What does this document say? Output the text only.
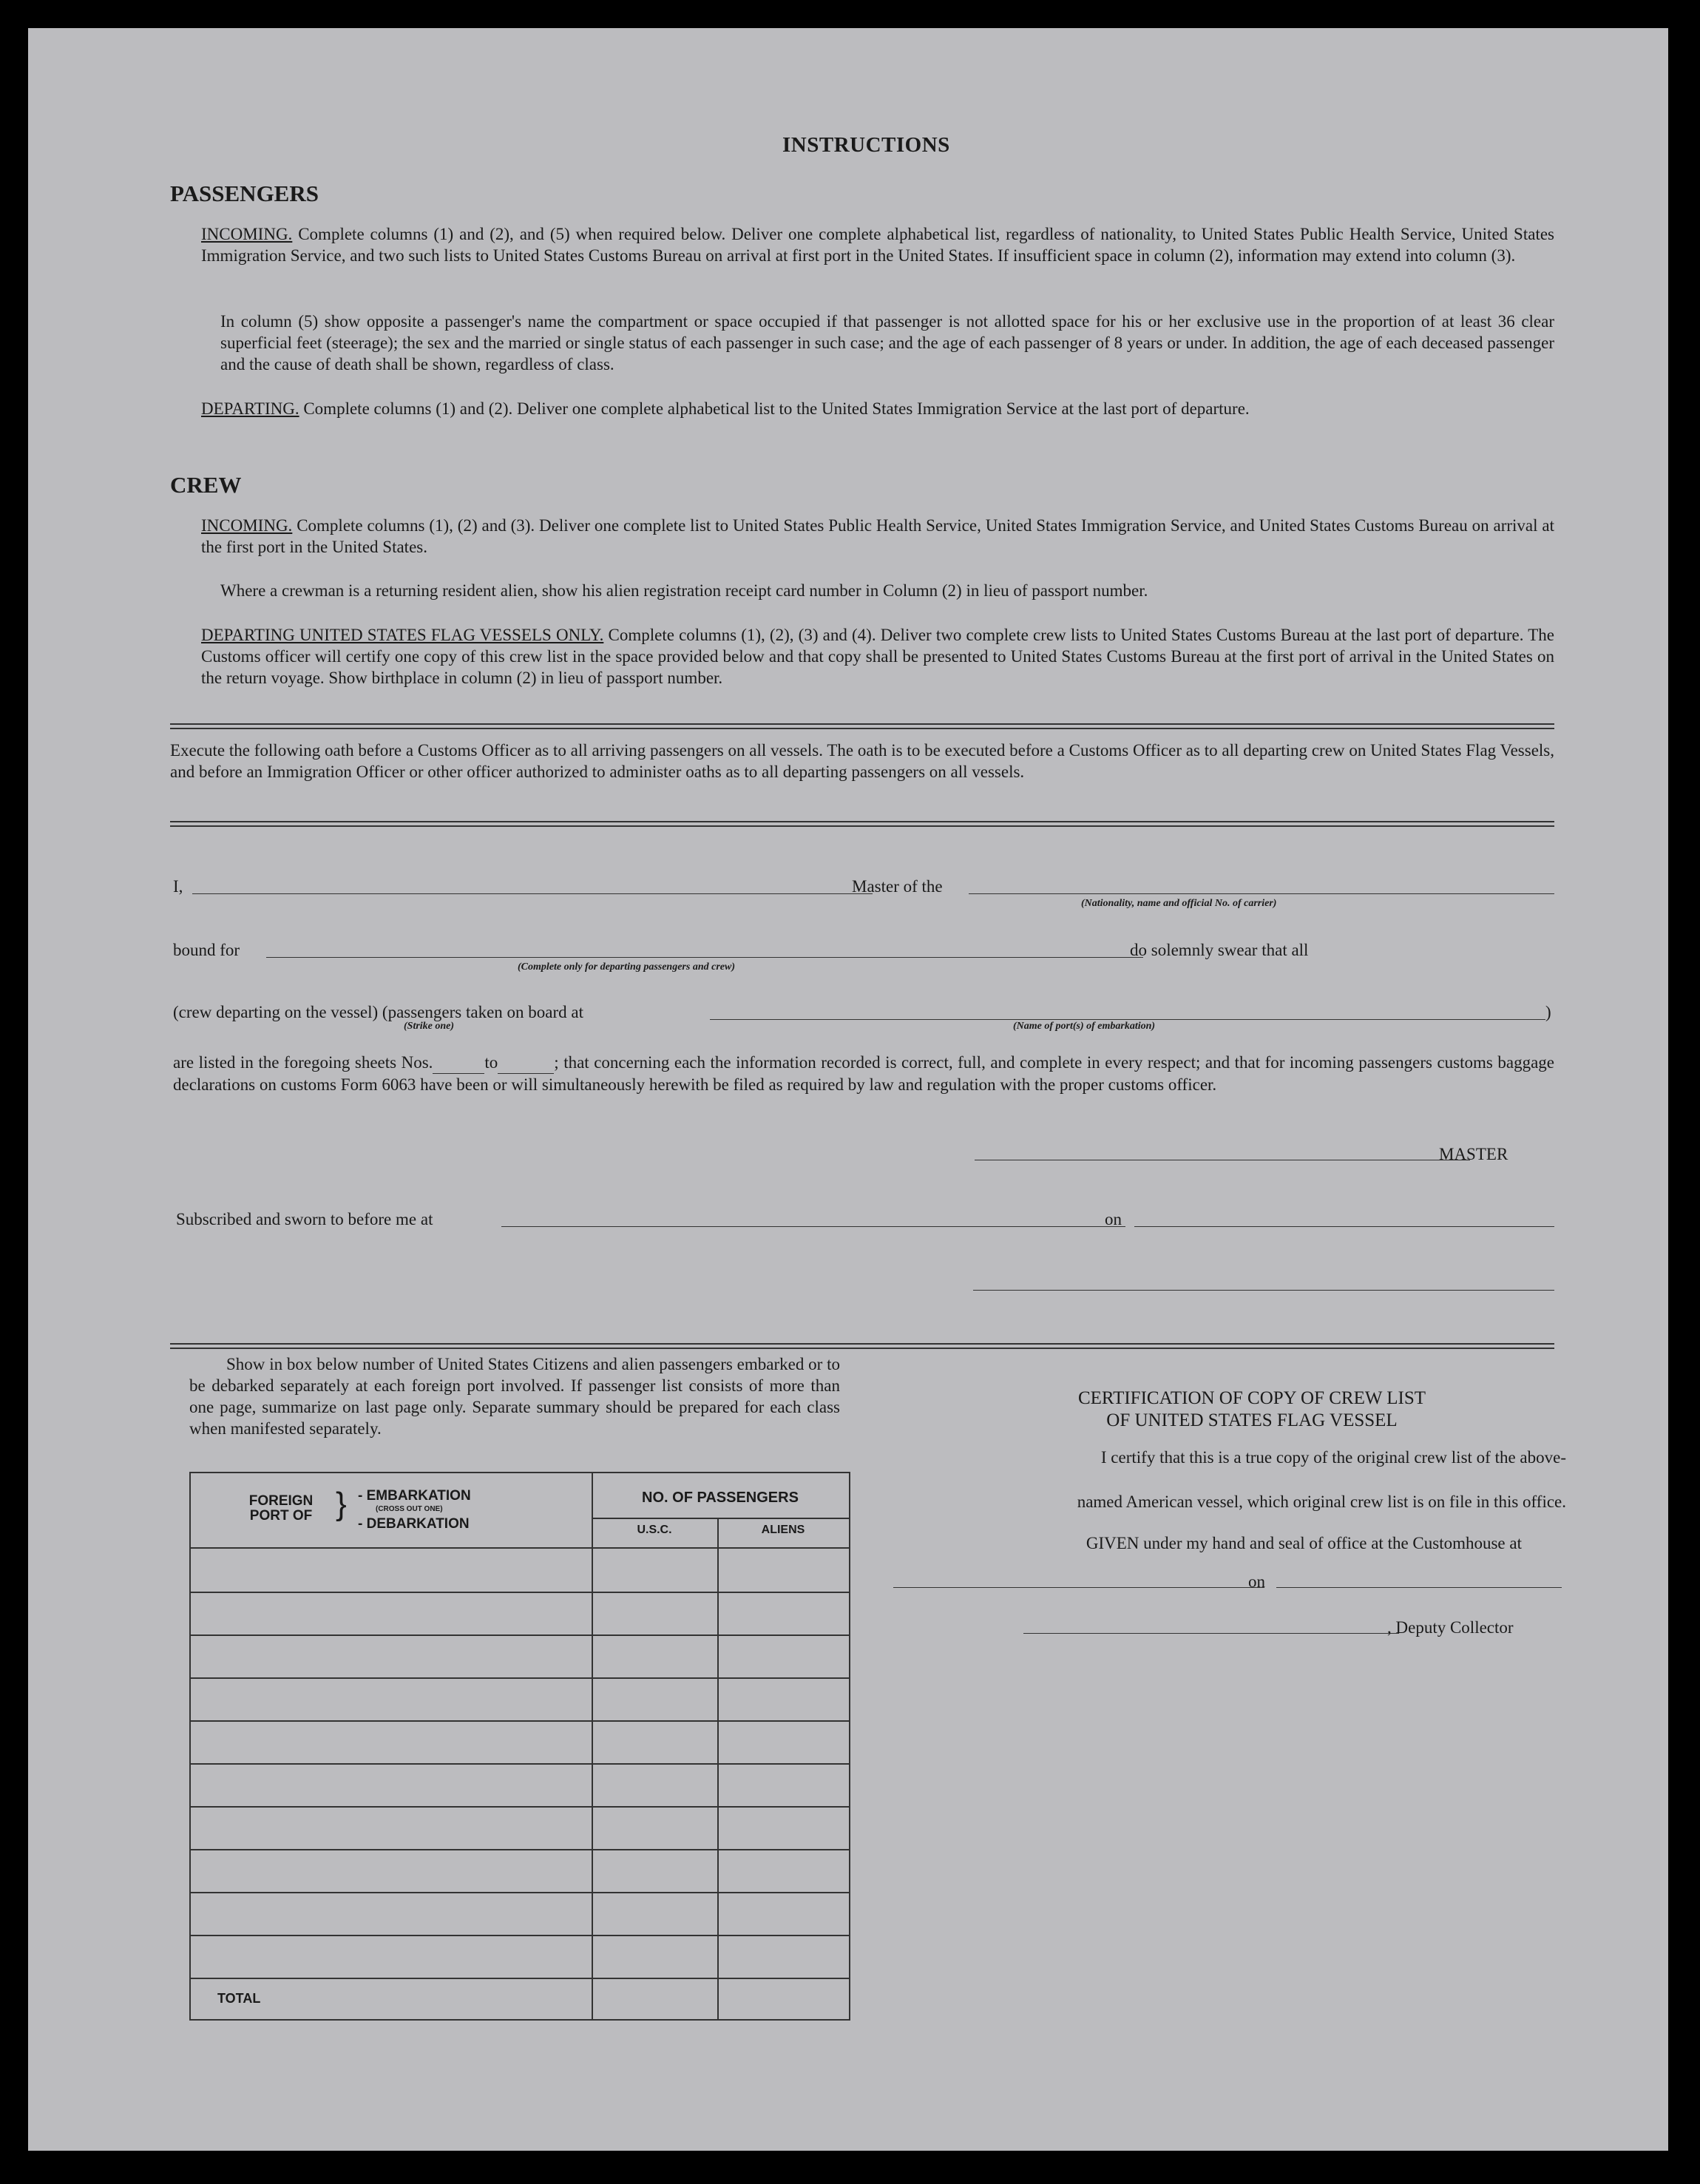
INSTRUCTIONS
PASSENGERS
INCOMING. Complete columns (1) and (2), and (5) when required below. Deliver one complete alphabetical list, regardless of nationality, to United States Public Health Service, United States Immigration Service, and two such lists to United States Customs Bureau on arrival at first port in the United States. If insufficient space in column (2), information may extend into column (3).
In column (5) show opposite a passenger's name the compartment or space occupied if that passenger is not allotted space for his or her exclusive use in the proportion of at least 36 clear superficial feet (steerage); the sex and the married or single status of each passenger in such case; and the age of each passenger of 8 years or under. In addition, the age of each deceased passenger and the cause of death shall be shown, regardless of class.
DEPARTING. Complete columns (1) and (2). Deliver one complete alphabetical list to the United States Immigration Service at the last port of departure.
CREW
INCOMING. Complete columns (1), (2) and (3). Deliver one complete list to United States Public Health Service, United States Immigration Service, and United States Customs Bureau on arrival at the first port in the United States.
Where a crewman is a returning resident alien, show his alien registration receipt card number in Column (2) in lieu of passport number.
DEPARTING UNITED STATES FLAG VESSELS ONLY. Complete columns (1), (2), (3) and (4). Deliver two complete crew lists to United States Customs Bureau at the last port of departure. The Customs officer will certify one copy of this crew list in the space provided below and that copy shall be presented to United States Customs Bureau at the first port of arrival in the United States on the return voyage. Show birthplace in column (2) in lieu of passport number.
Execute the following oath before a Customs Officer as to all arriving passengers on all vessels. The oath is to be executed before a Customs Officer as to all departing crew on United States Flag Vessels, and before an Immigration Officer or other officer authorized to administer oaths as to all departing passengers on all vessels.
I,	Master of the
(Nationality, name and official No. of carrier)
bound for
(Complete only for departing passengers and crew)
do solemnly swear that all
(crew departing on the vessel) (passengers taken on board at	)
(Strike one)	(Name of port(s) of embarkation)
are listed in the foregoing sheets Nos.	to	; that concerning each the information recorded is correct, full, and complete in every respect; and that for incoming passengers customs baggage declarations on customs Form 6063 have been or will simultaneously herewith be filed as required by law and regulation with the proper customs officer.
MASTER
Subscribed and sworn to before me at	on
Show in box below number of United States Citizens and alien passengers embarked or to be debarked separately at each foreign port involved. If passenger list consists of more than one page, summarize on last page only. Separate summary should be prepared for each class when manifested separately.
FOREIGN PORT OF } - EMBARKATION
(CROSS OUT ONE)
- DEBARKATION
NO. OF PASSENGERS
U.S.C.	ALIENS
TOTAL
CERTIFICATION OF COPY OF CREW LIST
OF UNITED STATES FLAG VESSEL
I certify that this is a true copy of the original crew list of the above-
named American vessel, which original crew list is on file in this office.
GIVEN under my hand and seal of office at the Customhouse at
on
, Deputy Collector
